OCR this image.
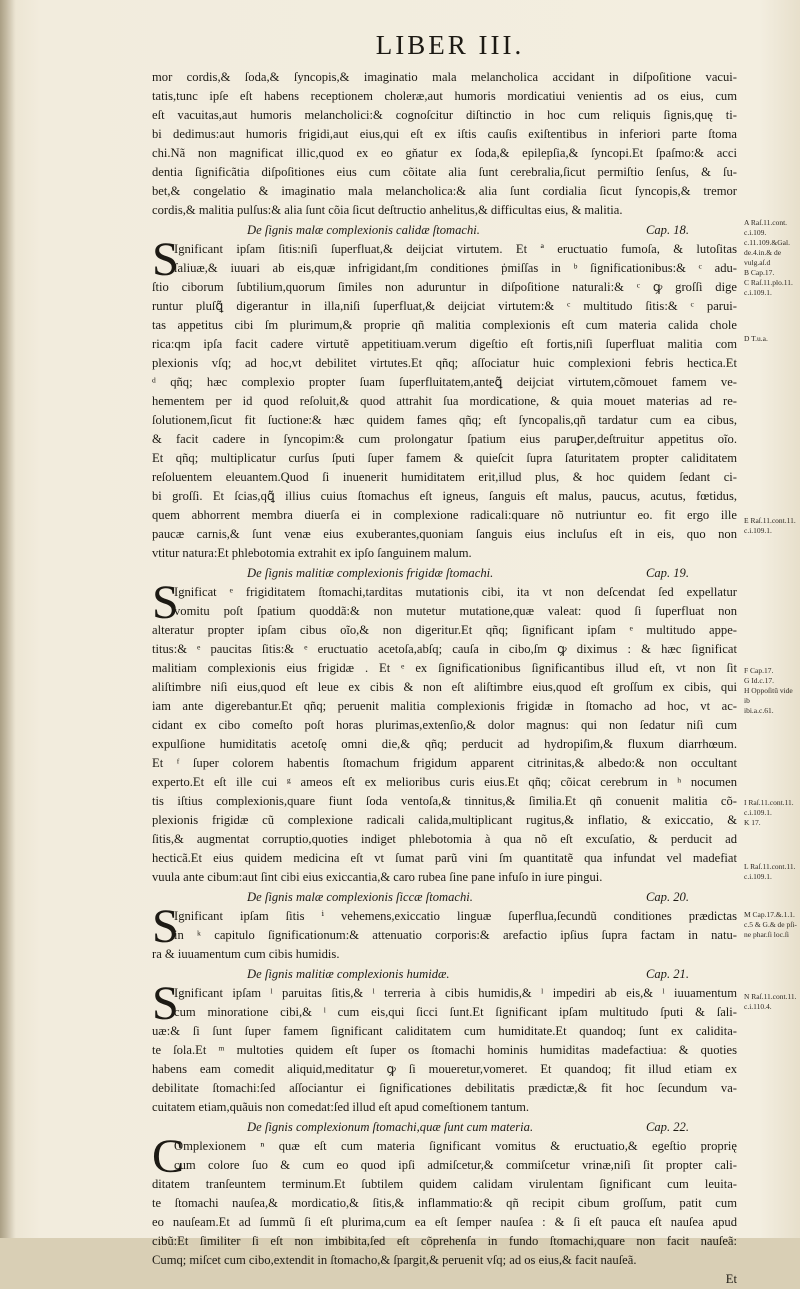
LIBER III.
mor cordis,& ſoda,& ſyncopis,& imaginatio mala melancholica accidant in diſpoſitione vacui-
tatis,tunc ipſe eſt habens receptionem choleræ,aut humoris mordicatiui venientis ad os eius, cum
eſt vacuitas,aut humoris melancholici:& cognoſcitur diſtinctio in hoc cum reliquis ſignis,quę ti-
bi dedimus:aut humoris frigidi,aut eius,qui eſt ex iſtis cauſis exiſtentibus in inferiori parte ſtoma
chi.Nã non magnificat illic,quod ex eo gňatur ex ſoda,& epilepſia,& ſyncopi.Et ſpaſmo:& acci
dentia ſignificãtia diſpoſitiones eius cum cõitate alia ſunt cerebralia,ſicut permiſtio ſenſus, & ſu-
bet,& congelatio & imaginatio mala melancholica:& alia ſunt cordialia ſicut ſyncopis,& tremor
cordis,& malitia pulſus:& alia ſunt cõia ſicut deſtructio anhelitus,& difficultas eius, & malitia.
De ſignis malæ complexionis calidæ ſtomachi.	Cap. 18.
S
Ignificant ipſam ſitis:niſi ſuperfluat,& deijciat virtutem. Et ª eructuatio fumoſa, & lutoſitas
ſaliuæ,& iuuari ab eis,quæ infrigidant,ſm conditiones ṗmiſſas in ᵇ ſignificationibus:& ᶜ adu-
ſtio ciborum ſubtilium,quorum ſimiles non aduruntur in diſpoſitione naturali:& ᶜ ꝙ groſſi dige
runtur pluſꝗ̃ digerantur in illa,niſi ſuperfluat,& deijciat virtutem:& ᶜ multitudo ſitis:& ᶜ parui-
tas appetitus cibi ſm plurimum,& proprie qñ malitia complexionis eſt cum materia calida chole
rica:qm ipſa facit cadere virtutẽ appetitiuam.verum digeſtio eſt fortis,niſi ſuperfluat malitia com
plexionis vſq; ad hoc,vt debilitet virtutes.Et qñq; aſſociatur huic complexioni febris hectica.Et
ᵈ qñq; hæc complexio propter ſuam ſuperfluitatem,anteꝗ̃ deijciat virtutem,cõmouet famem ve-
hementem per id quod reſoluit,& quod attrahit ſua mordicatione, & quia mouet materias ad re-
ſolutionem,ſicut fit ſuctione:& hæc quidem fames qñq; eſt ſyncopalis,qñ tardatur cum ea cibus,
& facit cadere in ſyncopim:& cum prolongatur ſpatium eius paruꝑer,deſtruitur appetitus oĩo.
Et qñq; multiplicatur curſus ſputi ſuper famem & quieſcit ſupra ſaturitatem propter caliditatem
reſoluentem eleuantem.Quod ſi inuenerit humiditatem erit,illud plus, & hoc quidem ſedant ci-
bi groſſi. Et ſcias,qꝗ̃ illius cuius ſtomachus eſt igneus, ſanguis eſt malus, paucus, acutus, fœtidus,
quem abhorrent membra diuerſa ei in complexione radicali:quare nõ nutriuntur eo. fit ergo ille
paucæ carnis,& ſunt venæ eius exuberantes,quoniam ſanguis eius incluſus eſt in eis, quo non
vtitur natura:Et phlebotomia extrahit ex ipſo ſanguinem malum.
De ſignis malitiæ complexionis frigidæ ſtomachi.	Cap. 19.
S
Ignificat ᵉ frigiditatem ſtomachi,tarditas mutationis cibi, ita vt non deſcendat ſed expellatur
vomitu poſt ſpatium quoddã:& non mutetur mutatione,quæ valeat: quod ſi ſuperfluat non
alteratur propter ipſam cibus oĩo,& non digeritur.Et qñq; ſignificant ipſam ᵉ multitudo appe-
titus:& ᵉ paucitas ſitis:& ᵉ eructuatio acetoſa,abſq; cauſa in cibo,ſm ꝙ diximus : & hæc ſignificat
malitiam complexionis eius frigidæ . Et ᵉ ex ſignificationibus ſignificantibus illud eſt, vt non ſit
aliſtimbre niſi eius,quod eſt leue ex cibis & non eſt aliſtimbre eius,quod eſt groſſum ex cibis, qui
iam ante digerebantur.Et qñq; peruenit malitia complexionis frigidæ in ſtomacho ad hoc, vt ac-
cidant ex cibo comeſto poſt horas plurimas,extenſio,& dolor magnus: qui non ſedatur niſi cum
expulſione humiditatis acetoſę omni die,& qñq; perducit ad hydropiſim,& fluxum diarrhœum.
Et ᶠ ſuper colorem habentis ſtomachum frigidum apparent citrinitas,& albedo:& non occultant
experto.Et eſt ille cui ᵍ ameos eſt ex melioribus curis eius.Et qñq; cõicat cerebrum in ʰ nocumen
tis iſtius complexionis,quare fiunt ſoda ventoſa,& tinnitus,& ſimilia.Et qñ conuenit malitia cõ-
plexionis frigidæ cũ complexione radicali calida,multiplicant rugitus,& inflatio, & exiccatio, &
ſitis,& augmentat corruptio,quoties indiget phlebotomia à qua nõ eſt excuſatio, & perducit ad
hecticã.Et eius quidem medicina eſt vt ſumat parũ vini ſm quantitatẽ qua infundat vel madefiat
vuula ante cibum:aut ſint cibi eius exiccantia,& caro rubea ſine pane infuſo in iure pingui.
De ſignis malæ complexionis ſiccæ ſtomachi.	Cap. 20.
S
Ignificant ipſam ſitis ⁱ vehemens,exiccatio linguæ ſuperflua,ſecundũ conditiones prædictas
in ᵏ capitulo ſignificationum:& attenuatio corporis:& arefactio ipſius ſupra factam in natu-
ra & iuuamentum cum cibis humidis.
De ſignis malitiæ complexionis humidæ.	Cap. 21.
S
Ignificant ipſam ˡ paruitas ſitis,& ˡ terreria à cibis humidis,& ˡ impediri ab eis,& ˡ iuuamentum
cum minoratione cibi,& ˡ cum eis,qui ſicci ſunt.Et ſignificant ipſam multitudo ſputi & ſali-
uæ:& ſi ſunt ſuper famem ſignificant caliditatem cum humiditate.Et quandoq; ſunt ex calidita-
te ſola.Et ᵐ multoties quidem eſt ſuper os ſtomachi hominis humiditas madefactiua: & quoties
habens eam comedit aliquid,meditatur ꝙ ſi moueretur,vomeret. Et quandoq; fit illud etiam ex
debilitate ſtomachi:ſed aſſociantur ei ſignificationes debilitatis prædictæ,& fit hoc ſecundum va-
cuitatem etiam,quãuis non comedat:ſed illud eſt apud comeſtionem tantum.
De ſignis complexionum ſtomachi,quæ ſunt cum materia.	Cap. 22.
C
Omplexionem ⁿ quæ eſt cum materia ſignificant vomitus & eructuatio,& egeſtio proprię
cum colore ſuo & cum eo quod ipſi admiſcetur,& commiſcetur vrinæ,niſi ſit propter cali-
ditatem tranſeuntem terminum.Et ſubtilem quidem calidam virulentam ſignificant cum leuita-
te ſtomachi nauſea,& mordicatio,& ſitis,& inflammatio:& qñ recipit cibum groſſum, patit cum
eo nauſeam.Et ad ſummũ ſi eſt plurima,cum ea eſt ſemper nauſea : & ſi eſt pauca eſt nauſea apud
cibũ:Et ſimiliter ſi eſt non imbibita,ſed eſt cõprehenſa in fundo ſtomachi,quare non facit nauſeã:
Cumq; miſcet cum cibo,extendit in ſtomacho,& ſpargit,& peruenit vſq; ad os eius,& facit nauſeã.
Et
A Raſ.11.cont.
c.i.109.
c.11.109.&Gal.
de.4.in.& de
vulg.aſ.d
B Cap.17.
C Raſ.11.plo.11.
c.i.109.1.
D T.u.a.
E Raſ.11.cont.11.
c.i.109.1.
F Cap.17.
G Id.c.17.
H Oppoſitũ vide ib
ibi.a.c.61.
I Raſ.11.cont.11.
c.i.109.1.
K 17.
L Raſ.11.cont.11.
c.i.109.1.
M Cap.17.&.1.1.
c.5 & G.& de pſi-
ne phar.ſi loc.ſi
N Raſ.11.cont.11.
c.i.110.4.
